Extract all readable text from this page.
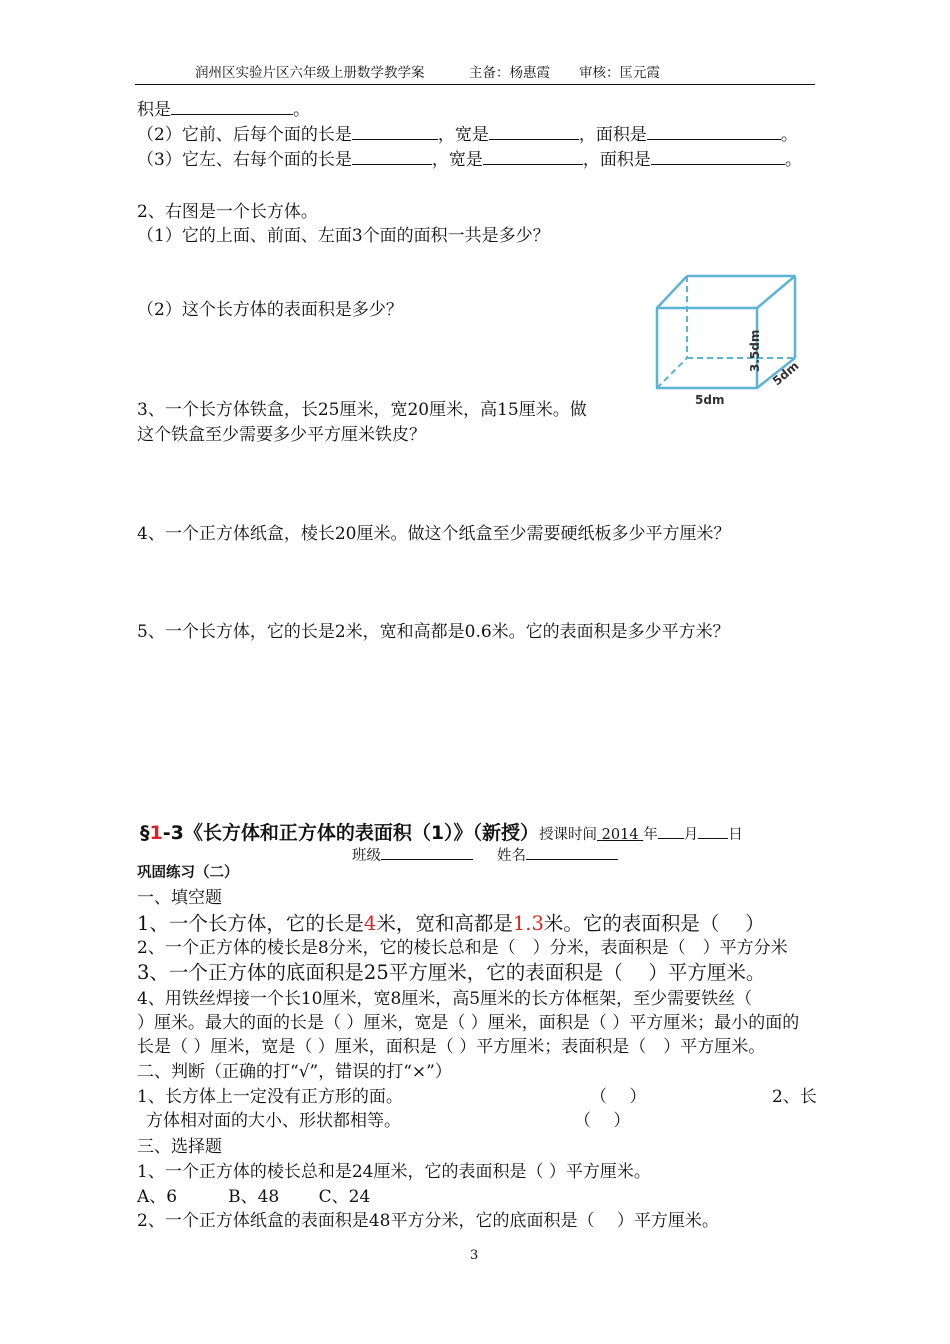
润州区实验片区六年级上册数学教学案	主备：杨惠霞 审核：匡元霞
积是	。
（2）它前、后每个面的长是	，宽是	，面积是	。
（3）它左、右每个面的长是	，宽是	，面积是	。
2、右图是一个长方体。
（1）它的上面、前面、左面3个面的面积一共是多少？
（2）这个长方体的表面积是多少？
5dm
3.5dm
5dm
3、一个长方体铁盒，长25厘米，宽20厘米，高15厘米。做
这个铁盒至少需要多少平方厘米铁皮？
4、一个正方体纸盒，棱长20厘米。做这个纸盒至少需要硬纸板多少平方厘米？
5、一个长方体，它的长是2米，宽和高都是0.6米。它的表面积是多少平方米？
§1-3《长方体和正方体的表面积（1）》（新授）授课时间 2014 年 月 日
班级	姓名
巩固练习（二）
一、填空题
1、一个长方体，它的长是4米，宽和高都是1.3米。它的表面积是（　 ）
2、一个正方体的棱长是8分米，它的棱长总和是（　）分米，表面积是（　）平方分米
3、一个正方体的底面积是25平方厘米，它的表面积是（　 ）平方厘米。
4、用铁丝焊接一个长10厘米，宽8厘米，高5厘米的长方体框架，至少需要铁丝（
）厘米。最大的面的长是（ ）厘米，宽是（ ）厘米，面积是（ ）平方厘米；最小的面的
长是（ ）厘米，宽是（ ）厘米，面积是（ ）平方厘米；表面积是（　）平方厘米。
二、判断（正确的打“√”，错误的打“×”）
1、长方体上一定没有正方形的面。	（　 ）	2、长
方体相对面的大小、形状都相等。	（　 ）
三、选择题
1、一个正方体的棱长总和是24厘米，它的表面积是（ ）平方厘米。
A、6　　　B、48　　 C、24
2、一个正方体纸盒的表面积是48平方分米，它的底面积是（　 ）平方厘米。
3
